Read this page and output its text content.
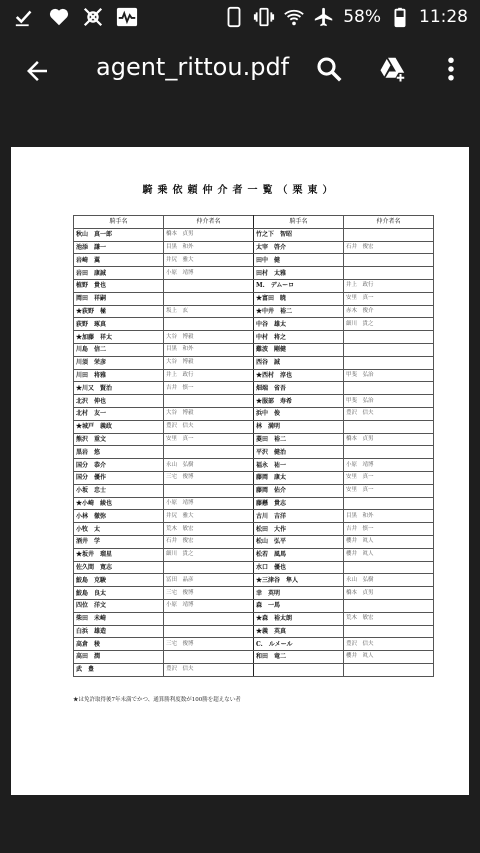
58% 11:28
agent_rittou.pdf
騎乗依頼仲介者一覧（栗東）
騎手名	仲介者名	騎手名	仲介者名
秋山　真一郎	橋本　貞男	竹之下　智昭	
池添　謙一	目黒　和外	太宰　啓介	石井　俊宏
岩崎　翼	井尻　雅大	田中　健	
岩田　康誠	小原　靖博	田村　太雅	
植野　貴也		M.　デムーロ	井上　政行
岡田　祥嗣		★富田　暁	安里　真一
★荻野　極	坂上　玄	★中井　裕二	赤木　俊介
荻野　琢真		中谷　雄太	細川　貴之
★加藤　祥太	大谷　博毅	中村　将之	
川島　信二	目黒　和外	難波　剛健	
川須　栄彦	大谷　博毅	西谷　誠	
川田　将雅	井上　政行	★西村　淳也	甲斐　弘治
★川又　賢治	吉井　慎一	畑端　省吾	
北沢　伸也		★服部　寿希	甲斐　弘治
北村　友一	大谷　博毅	浜中　俊	豊沢　信夫
★城戸　義政	豊沢　信夫	林　満明	
熊沢　重文	安里　真一	菱田　裕二	橋本　貞男
黒岩　悠		平沢　健治	
国分　恭介	永山　弘樹	福永　祐一	小原　靖博
国分　優作	三宅　俊博	藤岡　康太	安里　真一
小坂　忠士		藤岡　佑介	安里　真一
★小崎　綾也	小原　靖博	藤懸　貴志	
小林　徹弥	井尻　雅大	古川　吉洋	目黒　和外
小牧　太	荒木　敏宏	松田　大作	吉井　慎一
酒井　学	石井　俊宏	松山　弘平	櫻井　眞人
★坂井　瑠星	細川　貴之	松若　風馬	櫻井　眞人
佐久間　寛志		水口　優也	
鮫島　克駿	冨田　晶彦	★三津谷　隼人	永山　弘樹
鮫島　良太	三宅　俊博	幸　英明	橋本　貞男
四位　洋文	小原　靖博	森　一馬	
柴田　未崎		★森　裕太朗	荒木　敏宏
白浜　雄造		★義　英真	
高倉　稜	三宅　俊博	C.　ルメール	豊沢　信夫
高田　潤		和田　竜二	櫻井　眞人
武　豊	豊沢　信夫		
★は免許取得後7年未満でかつ、通算勝利度数が100勝を超えない者
